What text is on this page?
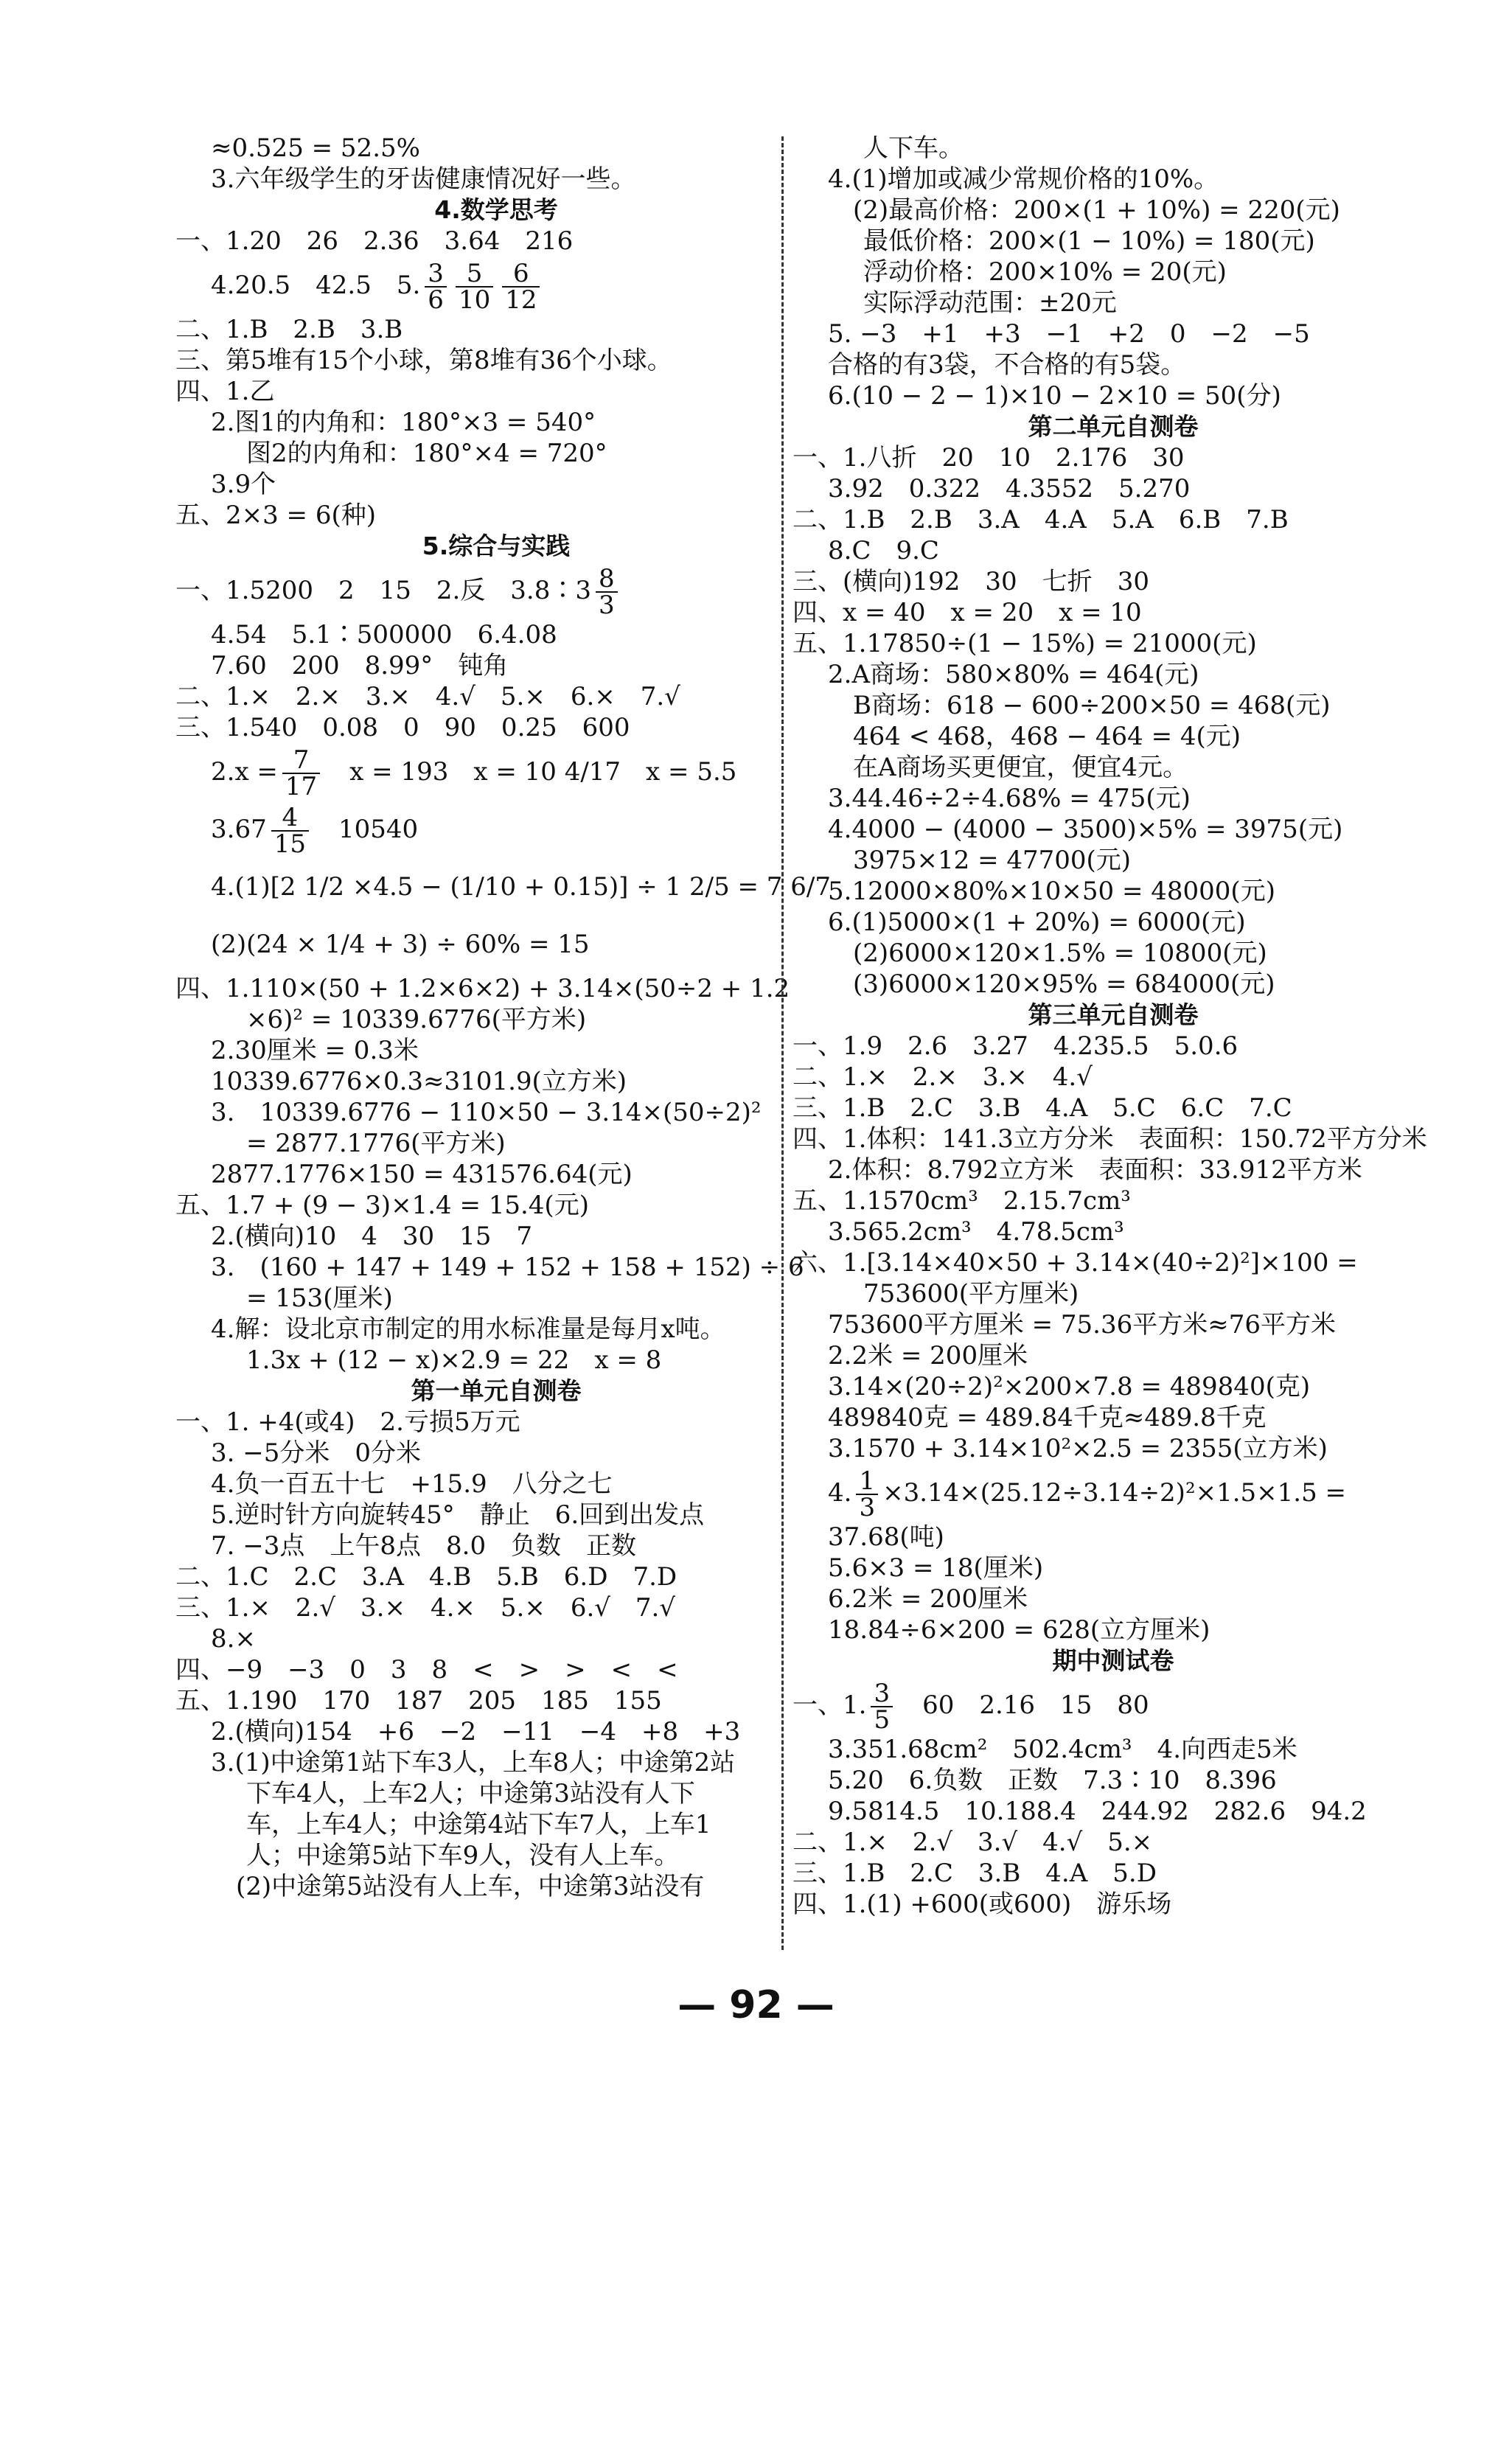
≈0.525 = 52.5%
3.六年级学生的牙齿健康情况好一些。
4.数学思考
一、1.20　26　2.36　3.64　216
4.20.5　42.5　5. $\frac{3}{6} \frac{5}{10} \frac{6}{12}$
二、1.B　2.B　3.B
三、第5堆有15个小球，第8堆有36个小球。
四、1.乙
2.图1的内角和：180°×3 = 540°
图2的内角和：180°×4 = 720°
3.9个
五、2×3 = 6(种)
5.综合与实践
一、1.5200　2　15　2.反　3.8∶3 $\frac{8}{3}$
4.54　5.1∶500000　6.4.08
7.60　200　8.99°　钝角
二、1.×　2.×　3.×　4.√　5.×　6.×　7.√
三、1.540　0.08　0　90　0.25　600
$2.x = \frac{7}{17}$ 　x = 193　x = 10 4/17　x = 5.5
$3.67 \frac{4}{15}$ 　10540
4.(1)[2 1/2 ×4.5 − (1/10 + 0.15)] ÷ 1 2/5 = 7 6/7
(2)(24 × 1/4 + 3) ÷ 60% = 15
四、1.110×(50 + 1.2×6×2) + 3.14×(50÷2 + 1.2
×6)² = 10339.6776(平方米)
2.30厘米 = 0.3米
10339.6776×0.3≈3101.9(立方米)
3.　10339.6776 − 110×50 − 3.14×(50÷2)²
= 2877.1776(平方米)
2877.1776×150 = 431576.64(元)
五、1.7 + (9 − 3)×1.4 = 15.4(元)
2.(横向)10　4　30　15　7
3.　(160 + 147 + 149 + 152 + 158 + 152) ÷ 6
= 153(厘米)
4.解：设北京市制定的用水标准量是每月x吨。
1.3x + (12 − x)×2.9 = 22　x = 8
第一单元自测卷
一、1. +4(或4)　2.亏损5万元
3. −5分米　0分米
4.负一百五十七　+15.9　八分之七
5.逆时针方向旋转45°　静止　6.回到出发点
7. −3点　上午8点　8.0　负数　正数
二、1.C　2.C　3.A　4.B　5.B　6.D　7.D
三、1.×　2.√　3.×　4.×　5.×　6.√　7.√
8.×
四、−9　−3　0　3　8　<　>　>　<　<
五、1.190　170　187　205　185　155
2.(横向)154　+6　−2　−11　−4　+8　+3
3.(1)中途第1站下车3人，上车8人；中途第2站
下车4人，上车2人；中途第3站没有人下
车，上车4人；中途第4站下车7人，上车1
人；中途第5站下车9人，没有人上车。
　(2)中途第5站没有人上车，中途第3站没有
人下车。
4.(1)增加或减少常规价格的10%。
　(2)最高价格：200×(1 + 10%) = 220(元)
最低价格：200×(1 − 10%) = 180(元)
浮动价格：200×10% = 20(元)
实际浮动范围：±20元
5. −3　+1　+3　−1　+2　0　−2　−5
合格的有3袋，不合格的有5袋。
6.(10 − 2 − 1)×10 − 2×10 = 50(分)
第二单元自测卷
一、1.八折　20　10　2.176　30
3.92　0.322　4.3552　5.270
二、1.B　2.B　3.A　4.A　5.A　6.B　7.B
8.C　9.C
三、(横向)192　30　七折　30
四、x = 40　x = 20　x = 10
五、1.17850÷(1 − 15%) = 21000(元)
2.A商场：580×80% = 464(元)
　B商场：618 − 600÷200×50 = 468(元)
　464 < 468，468 − 464 = 4(元)
　在A商场买更便宜，便宜4元。
3.44.46÷2÷4.68% = 475(元)
4.4000 − (4000 − 3500)×5% = 3975(元)
　3975×12 = 47700(元)
5.12000×80%×10×50 = 48000(元)
6.(1)5000×(1 + 20%) = 6000(元)
　(2)6000×120×1.5% = 10800(元)
　(3)6000×120×95% = 684000(元)
第三单元自测卷
一、1.9　2.6　3.27　4.235.5　5.0.6
二、1.×　2.×　3.×　4.√
三、1.B　2.C　3.B　4.A　5.C　6.C　7.C
四、1.体积：141.3立方分米　表面积：150.72平方分米
2.体积：8.792立方米　表面积：33.912平方米
五、1.1570cm³　2.15.7cm³
3.565.2cm³　4.78.5cm³
六、1.[3.14×40×50 + 3.14×(40÷2)²]×100 =
753600(平方厘米)
753600平方厘米 = 75.36平方米≈76平方米
2.2米 = 200厘米
3.14×(20÷2)²×200×7.8 = 489840(克)
489840克 = 489.84千克≈489.8千克
3.1570 + 3.14×10²×2.5 = 2355(立方米)
4. $\frac{1}{3} \times 3.14\times(25.12\div 3.14\div 2)^2\times 1.5\times 1.5$ =
37.68(吨)
5.6×3 = 18(厘米)
6.2米 = 200厘米
18.84÷6×200 = 628(立方厘米)
期中测试卷
一、1. $\frac{3}{5}$ 　60　2.16　15　80
3.351.68cm²　502.4cm³　4.向西走5米
5.20　6.负数　正数　7.3∶10　8.396
9.5814.5　10.188.4　244.92　282.6　94.2
二、1.×　2.√　3.√　4.√　5.×
三、1.B　2.C　3.B　4.A　5.D
四、1.(1) +600(或600)　游乐场
— 92 —
